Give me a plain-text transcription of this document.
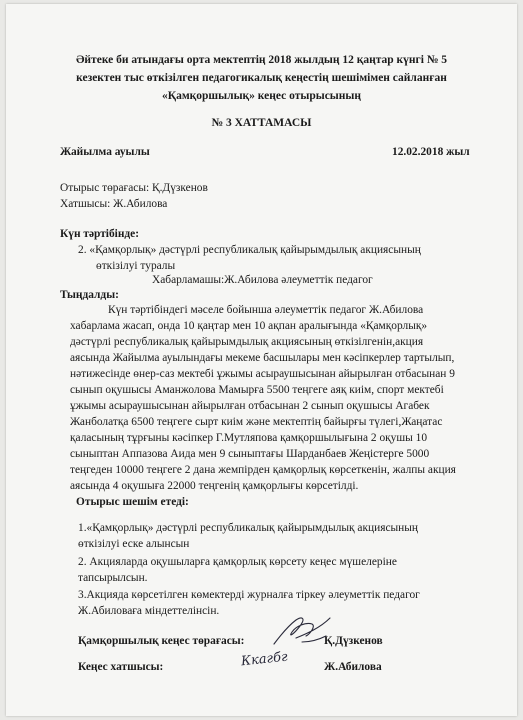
Әйтеке би атындағы орта мектептің 2018 жылдың 12 қаңтар күнгі № 5
кезектен тыс өткізілген педагогикалық кеңестің шешімімен сайланған
«Қамқоршылық» кеңес отырысының
№ 3 ХАТТАМАСЫ
Жайылма ауылы	12.02.2018 жыл
Отырыс төрағасы: Қ.Дүзкенов
Хатшысы: Ж.Абилова
Күн тәртібінде:
2. «Қамқорлық» дәстүрлі республикалық қайырымдылық акциясының
өткізілуі туралы
Хабарламашы:Ж.Абилова әлеуметтік педагог
Тыңдалды:
Күн тәртібіндегі мәселе бойынша әлеуметтік педагог Ж.Абилова
хабарлама жасап, онда 10 қаңтар мен 10 ақпан аралығында «Қамқорлық»
дәстүрлі республикалық қайырымдылық акциясының өткізілгенін,акция
аясында Жайылма ауылындағы мекеме басшылары мен кәсіпкерлер тартылып,
нәтижесінде өнер-саз мектебі ұжымы асыраушысынан айырылған отбасынан 9
сынып оқушысы Аманжолова Мамырға 5500 теңгеге аяқ киім, спорт мектебі
ұжымы асыраушысынан айырылған отбасынан 2 сынып оқушысы Агабек
Жанболатқа 6500 теңгеге сырт киім және мектептің байырғы түлегі,Жаңатас
қаласының тұрғыны кәсіпкер Г.Мутляпова қамқоршылығына 2 оқушы 10
сыныптан Аппазова Аида мен 9 сыныптағы Шарданбаев Жеңістерге 5000
теңгеден 10000 теңгеге 2 дана жемпірден қамқорлық көрсеткенін, жалпы акция
аясында 4 оқушыға 22000 теңгенің қамқорлығы көрсетілді.
Отырыс шешім етеді:
1.«Қамқорлық» дәстүрлі республикалық қайырымдылық акциясының
өткізілуі еске алынсын
2. Акцияларда оқушыларға қамқорлық көрсету кеңес мүшелеріне
тапсырылсын.
3.Акцияда көрсетілген көмектерді журналға тіркеу әлеуметтік педагог
Ж.Абиловаға міндеттелінсін.
Қамқоршылық кеңес төрағасы:	Қ.Дүзкенов
Кеңес хатшысы:	Ж.Абилова
Ккагбг
